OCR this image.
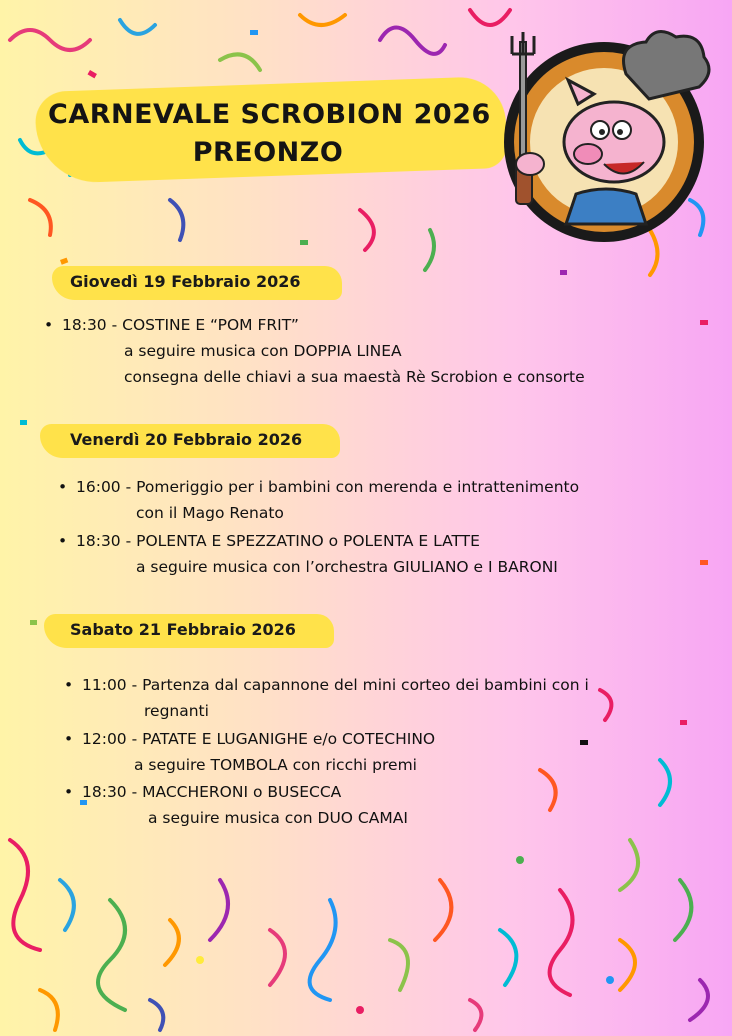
CARNEVALE SCROBION 2026
PREONZO
Giovedì 19 Febbraio 2026
• 18:30 - COSTINE E “POM FRIT”
a seguire musica con DOPPIA LINEA
consegna delle chiavi a sua maestà Rè Scrobion e consorte
Venerdì 20 Febbraio 2026
• 16:00 - Pomeriggio per i bambini con merenda e intrattenimento
con il Mago Renato
• 18:30 - POLENTA E SPEZZATINO o POLENTA E LATTE
a seguire musica con l’orchestra GIULIANO e I BARONI
Sabato 21 Febbraio 2026
• 11:00 - Partenza dal capannone del mini corteo dei bambini con i
regnanti
• 12:00 - PATATE E LUGANIGHE e/o COTECHINO
a seguire TOMBOLA con ricchi premi
• 18:30 - MACCHERONI o BUSECCA
a seguire musica con DUO CAMAI
